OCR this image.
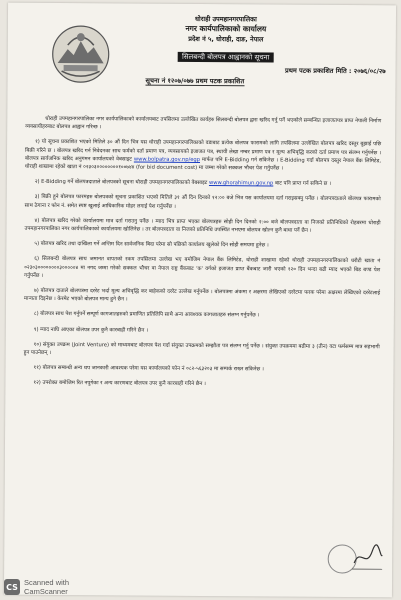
धोराही उपमहानगरपालिका
नगर कार्यपालिकाको कार्यालय
प्रदेश नं ५, धोराही, दाङ, नेपाल
सिलबन्दी बोलपत्र आह्वानको सूचना
प्रथम पटक प्रकाशित मिति : २०७६/०८/२७
सूचना नं १२०७/०७७ प्रथम पटक प्रकाशित

धोराही उपमहानगरपालिका नगर कार्यपालिकाको कार्यालयबाट तपसिलमा उल्लेखित कार्यहरु सिलबन्दी बोलपत्र द्वारा खरिद गर्नु पर्ने भएकोले सम्बन्धित इजाजतपत्र प्राप्त नेपाली निर्माण व्यवसायीहरुबाट बोलपत्र आह्वान गरिन्छ ।

१) यो सूचना प्रकाशित भएको मितिले ३० औं दिन भित्र यस धोराही उपमहानगरपालिकाको वडाबाट प्रत्येक बोलपत्र फारामको लागि तपसिलमा उल्लेखित बोलपत्र खरिद दस्तुर बुझाई पछि बिक्री गरिने छ । बोलपत्र खरिद गर्न निवेदनका साथ फर्मको दर्ता प्रमाण पत्र, व्यवसायको इजाजत पत्र, स्थायी लेखा नम्बर प्रमाण पत्र र मूल्य अभिवृद्धि करको दर्ता प्रमाण पत्र संलग्न गर्नुपर्नेछ । बोलपत्र सार्वजनिक खरिद अनुगमन कार्यालयको वेबसाइट www.bolpatra.gov.np/egp मार्फत पनि E-Bidding गर्न सकिनेछ । E-Bidding गर्दा बोलपत्र दस्तुर नेपाल बैंक लिमिटेड, धोराही शाखामा रहेको खाता नं ०२३०३००००००००१००७४४ (for bid document cost) मा जम्मा गरेको सक्कल भौचर पेश गर्नुपर्नेछ ।

२) E-Bidding गर्ने बोलपत्रदाताले बोलपत्रको सूचना धोराही उपमहानगरपालिकाको वेबसाइट www.ghorahimun.gov.np बाट पनि प्राप्त गर्न सकिने छ ।

३) बिक्री हुने बोलपत्र फारमहरु बोलपत्रको सूचना प्रकाशित भएको मितिले ३१ औं दिन दिनको १२:०० बजे भित्र यस कार्यालयमा दर्ता गराइसक्नु पर्नेछ । बोलपत्रदाताले बोलपत्र फारामको साथ ठेगाना र फोन नं. समेत स्पष्ट खुलाई आधिकारिक मोहर लगाई पेश गर्नुपर्नेछ ।

४) बोलपत्र खरिद गरेको कार्यालयमा मात्र दर्ता गराउनु पर्नेछ । म्याद भित्र प्राप्त भएका बोलपत्रहरु सोही दिन दिनको २:०० बजे बोलपत्रदाता वा निजको प्रतिनिधिको रोहबरमा धोराही उपमहानगरपालिका नगर कार्यपालिकाको कार्यालयमा खोलिनेछ । तर बोलपत्रदाता वा निजको प्रतिनिधि उपस्थित नभएमा बोलपत्र खोल्न कुनै बाधा पर्ने छैन ।

५) बोलपत्र खरिद तथा दाखिला गर्ने अन्तिम दिन सार्वजनिक बिदा परेमा सो पछिको कार्यालय खुलेको दिन सोही समयमा हुनेछ ।

६) सिलबन्दी बोलपत्र साथ जमानत वापतको रकम तपसिलमा उल्लेख भए बमोजिम नेपाल बैंक लिमिटेड, धोराही शाखामा रहेको धोराही उपमहानगरपालिकाको धरौटी खाता नं ०२३०३००००००००३०००००४ मा नगद जम्मा गरेको सक्कल भौचर वा नेपाल राष्ट्र बैंकबाट 'क' वर्गको इजाजत प्राप्त बैंकबाट जारी भएको १२० दिन भन्दा बढी म्याद भएको बिड बण्ड पेश गर्नुपर्नेछ ।

७) बोलपत्र दाताले बोलपत्रमा दररेट भर्दा मूल्य अभिवृद्धि कर बाहेकको दररेट उल्लेख गर्नुपर्नेछ । बोलपत्रमा अंकमा र अक्षरमा लेखिएको दररेटमा फरक परेमा अक्षरमा लेखिएको दररेटलाई मान्यता दिइनेछ । केरमेट भएको बोलपत्र मान्य हुने छैन ।

८) बोलपत्र साथ पेश गर्नुपर्ने सम्पूर्ण कागजातहरुको प्रमाणित प्रतिलिपि साथै अन्य आवश्यक कागजातहरु संलग्न गर्नुपर्नेछ ।

९) म्याद नाघि आएका बोलपत्र उपर कुनै कारबाही गरिने छैन ।

१०) संयुक्त उपक्रम (Joint Venture) को माध्यमबाट बोलपत्र पेश गर्दा संयुक्त उपक्रमको सम्झौता पत्र संलग्न गर्नु पर्नेछ । संयुक्त उपक्रममा बढीमा ३ (तीन) वटा फर्मसम्म मात्र सहभागी हुन पाउनेछन् ।

११) बोलपत्र सम्बन्धी अन्य थप जानकारी आवश्यक परेमा यस कार्यालयको फोन नं ०८२-५६३२०३ मा सम्पर्क राख्न सकिनेछ ।

१२) उपरोक्त बमोजिम रित नपुगेका र अन्य कारणबाट बोलपत्र उपर कुनै कारबाही गरिने छैन ।

CS Scanned with
CamScanner
